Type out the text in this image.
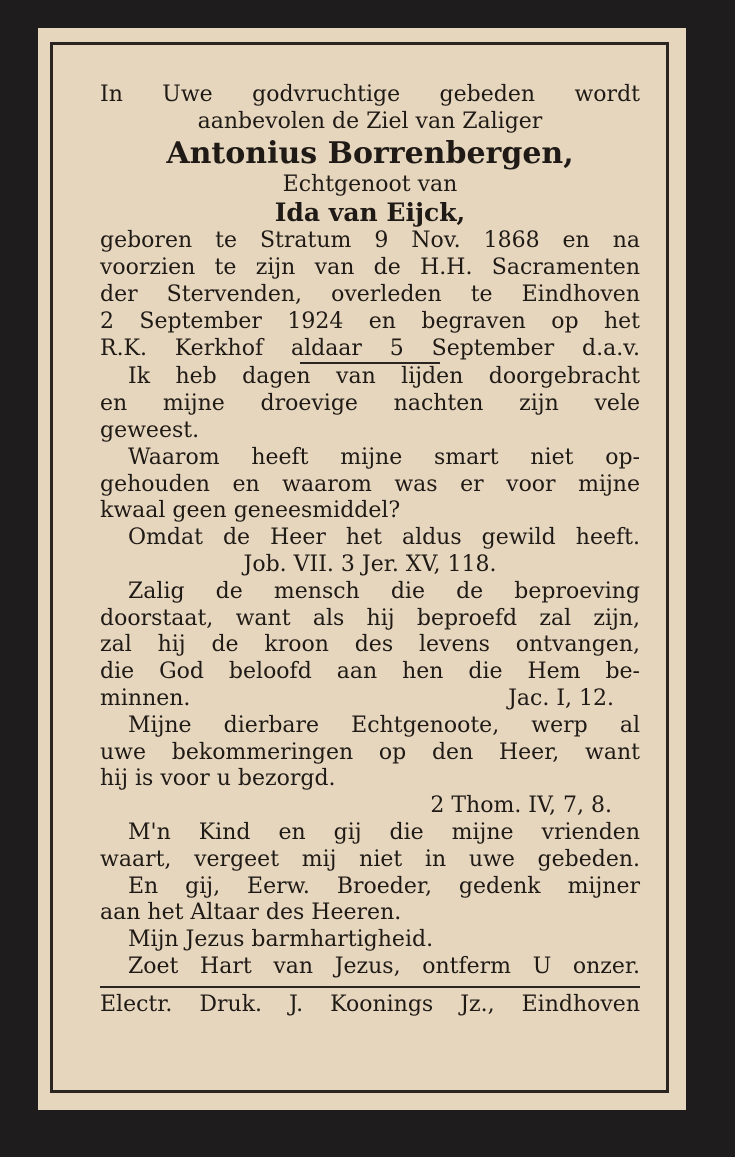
In Uwe godvruchtige gebeden wordt
aanbevolen de Ziel van Zaliger
Antonius Borrenbergen,
Echtgenoot van
Ida van Eijck,
geboren te Stratum 9 Nov. 1868 en na
voorzien te zijn van de H.H. Sacramenten
der Stervenden, overleden te Eindhoven
2 September 1924 en begraven op het
R.K. Kerkhof aldaar 5 September d.a.v.
Ik heb dagen van lijden doorgebracht
en mijne droevige nachten zijn vele
geweest.
Waarom heeft mijne smart niet op-
gehouden en waarom was er voor mijne
kwaal geen geneesmiddel?
Omdat de Heer het aldus gewild heeft.
Job. VII. 3 Jer. XV, 118.
Zalig de mensch die de beproeving
doorstaat, want als hij beproefd zal zijn,
zal hij de kroon des levens ontvangen,
die God beloofd aan hen die Hem be-
minnen.	Jac. I, 12.
Mijne dierbare Echtgenoote, werp al
uwe bekommeringen op den Heer, want
hij is voor u bezorgd.
2 Thom. IV, 7, 8.
M'n Kind en gij die mijne vrienden
waart, vergeet mij niet in uwe gebeden.
En gij, Eerw. Broeder, gedenk mijner
aan het Altaar des Heeren.
Mijn Jezus barmhartigheid.
Zoet Hart van Jezus, ontferm U onzer.
Electr. Druk. J. Koonings Jz., Eindhoven
